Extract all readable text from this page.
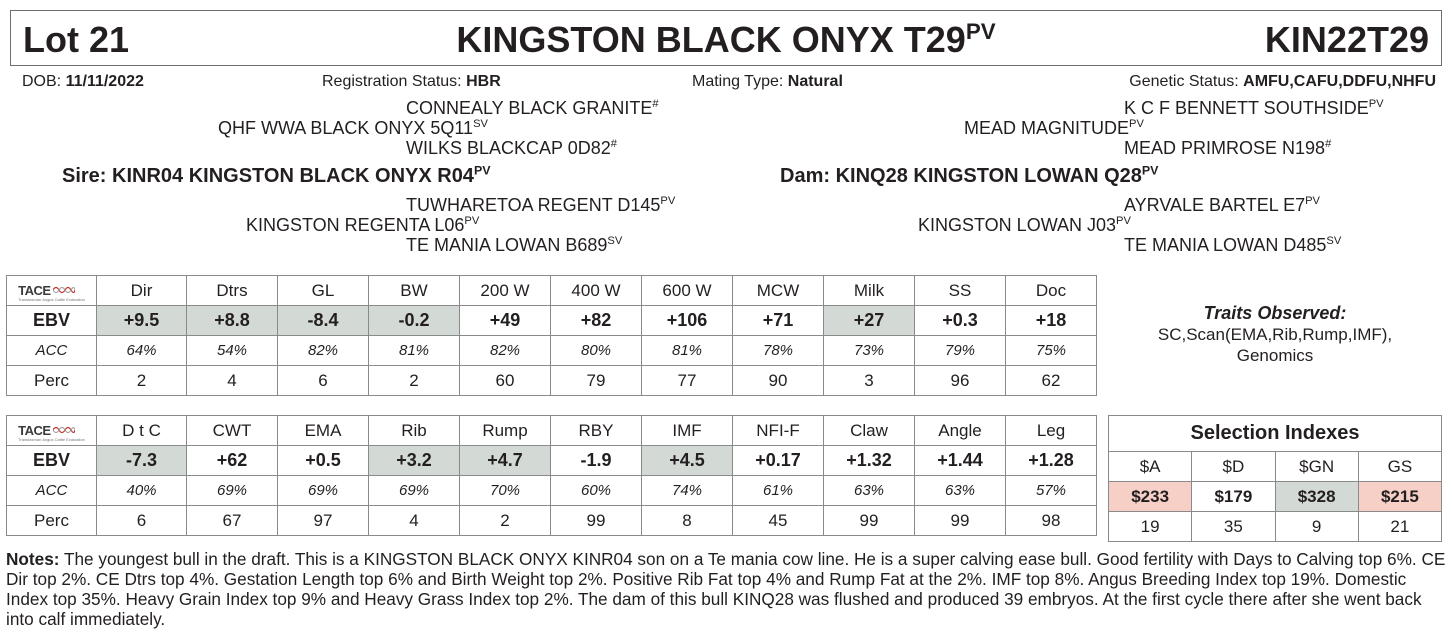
Lot 21	KINGSTON BLACK ONYX $T29^{PV}$	KIN22T29
DOB: 11/11/2022	Registration Status: HBR	Mating Type: Natural	Genetic Status: AMFU,CAFU,DDFU,NHFU
CONNEALY BLACK GRANITE#
QHF WWA BLACK ONYX $5Q11^{SV}$
WILKS BLACKCAP 0D82#
Sire: KINR04 KINGSTON BLACK ONYX $R04^{PV}$
TUWHARETOA REGENT $D145^{PV}$
KINGSTON REGENTA $L06^{PV}$
TE MANIA LOWAN $B689^{SV}$
K C F BENNETT $SOUTHSIDE^{PV}$
MEAD $MAGNITUDE^{PV}$
MEAD PRIMROSE N198#
Dam: KINQ28 KINGSTON LOWAN $Q28^{PV}$
AYRVALE BARTEL $E7^{PV}$
KINGSTON LOWAN $J03^{PV}$
TE MANIA LOWAN $D485^{SV}$
TACE
Transtasman Angus Cattle Evaluation	Dir	Dtrs	GL	BW	200 W	400 W	600 W	MCW	Milk	SS	Doc
EBV	+9.5	+8.8	-8.4	-0.2	+49	+82	+106	+71	+27	+0.3	+18
ACC	64%	54%	82%	81%	82%	80%	81%	78%	73%	79%	75%
Perc	2	4	6	2	60	79	77	90	3	96	62
TACE
Transtasman Angus Cattle Evaluation	D t C	CWT	EMA	Rib	Rump	RBY	IMF	NFI-F	Claw	Angle	Leg
EBV	-7.3	+62	+0.5	+3.2	+4.7	-1.9	+4.5	+0.17	+1.32	+1.44	+1.28
ACC	40%	69%	69%	69%	70%	60%	74%	61%	63%	63%	57%
Perc	6	67	97	4	2	99	8	45	99	99	98
Traits Observed:
SC,Scan(EMA,Rib,Rump,IMF),
Genomics
Selection Indexes			
$A	$D	$GN	GS
$233	$179	$328	$215
19	35	9	21
Notes: The youngest bull in the draft. This is a KINGSTON BLACK ONYX KINR04 son on a Te mania cow line. He is a super calving ease bull. Good fertility with Days to Calving top 6%. CE Dir top 2%. CE Dtrs top 4%. Gestation Length top 6% and Birth Weight top 2%. Positive Rib Fat top 4% and Rump Fat at the 2%. IMF top 8%. Angus Breeding Index top 19%. Domestic Index top 35%. Heavy Grain Index top 9% and Heavy Grass Index top 2%. The dam of this bull KINQ28 was flushed and produced 39 embryos. At the first cycle there after she went back into calf immediately.
